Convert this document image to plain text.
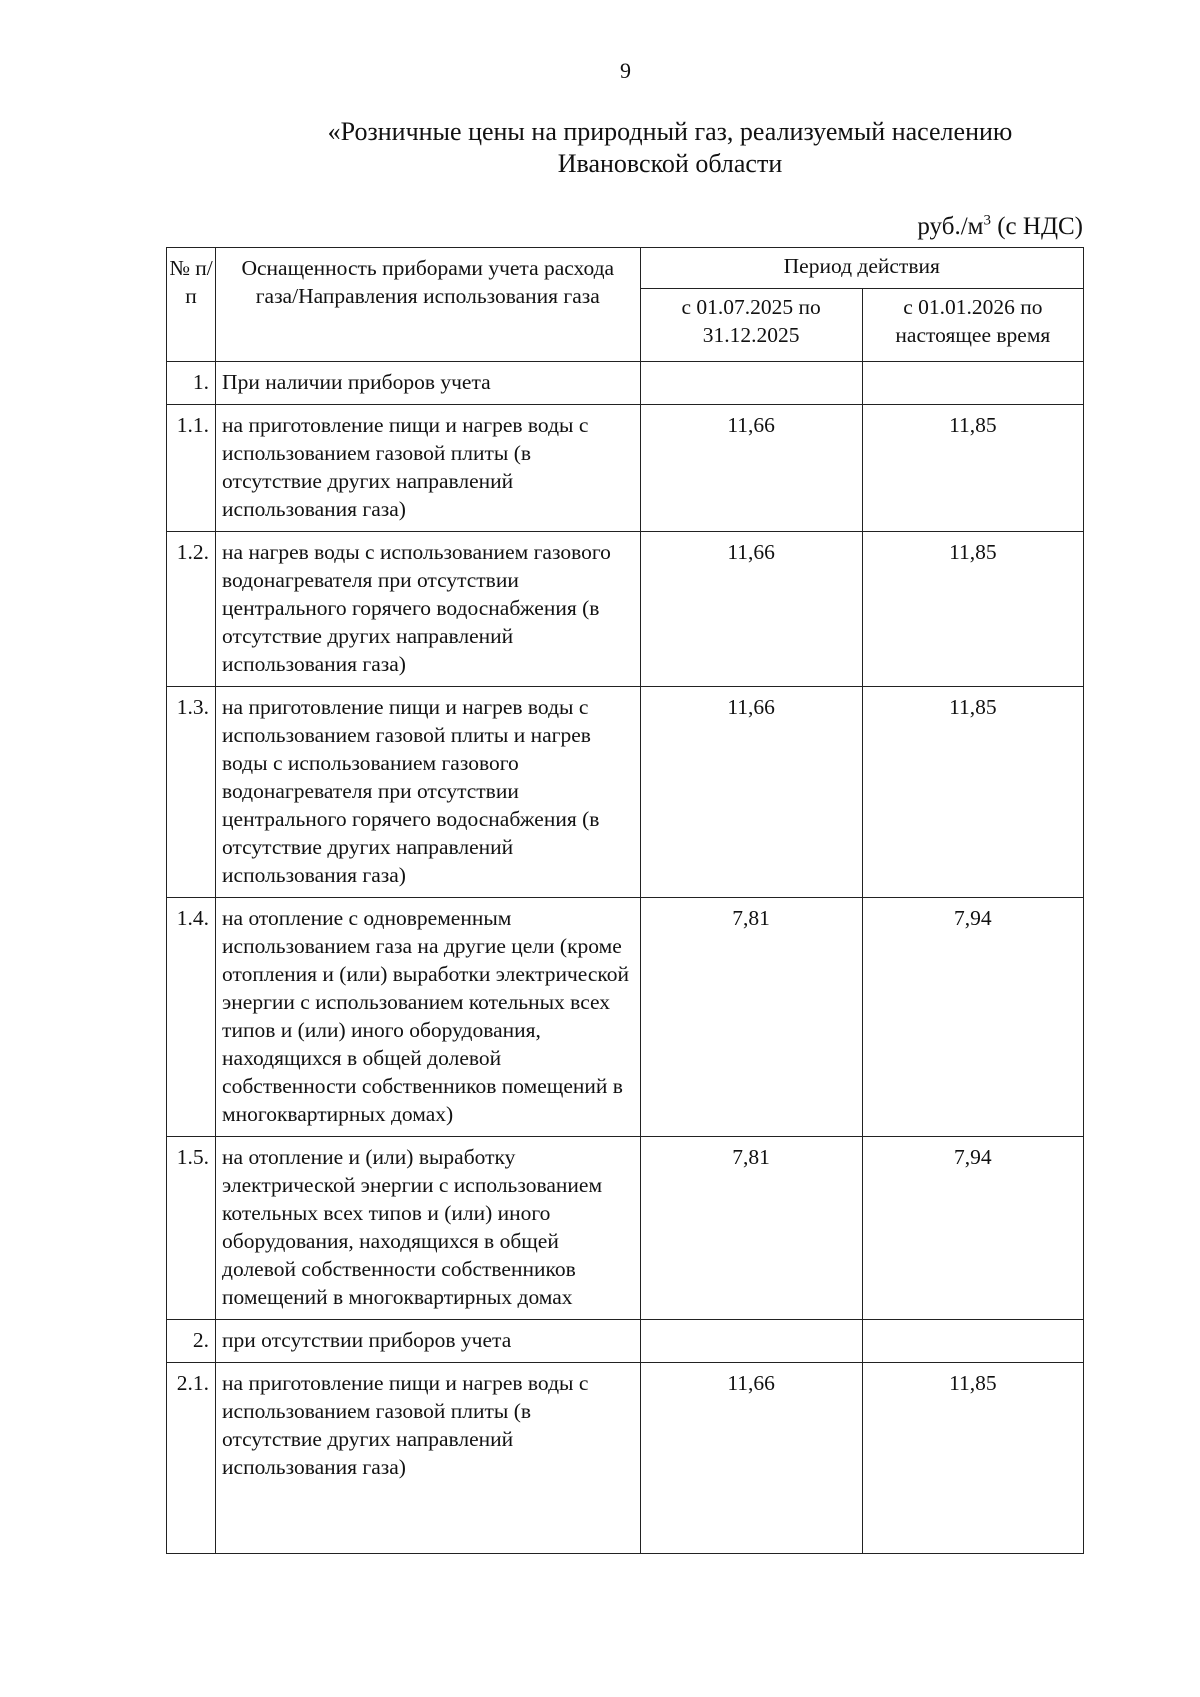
9
«Розничные цены на природный газ, реализуемый населению
Ивановской области
$руб./м^3$ (с НДС)
№ п/п	Оснащенность приборами учета расхода газа/Направления использования газа	Период действия	
		с 01.07.2025 по 31.12.2025	с 01.01.2026 по настоящее время
1.	При наличии приборов учета		
1.1.	на приготовление пищи и нагрев воды с использованием газовой плиты (в отсутствие других направлений использования газа)	11,66	11,85
1.2.	на нагрев воды с использованием газового водонагревателя при отсутствии центрального горячего водоснабжения (в отсутствие других направлений использования газа)	11,66	11,85
1.3.	на приготовление пищи и нагрев воды с использованием газовой плиты и нагрев воды с использованием газового водонагревателя при отсутствии центрального горячего водоснабжения (в отсутствие других направлений использования газа)	11,66	11,85
1.4.	на отопление с одновременным использованием газа на другие цели (кроме отопления и (или) выработки электрической энергии с использованием котельных всех типов и (или) иного оборудования, находящихся в общей долевой собственности собственников помещений в многоквартирных домах)	7,81	7,94
1.5.	на отопление и (или) выработку электрической энергии с использованием котельных всех типов и (или) иного оборудования, находящихся в общей долевой собственности собственников помещений в многоквартирных домах	7,81	7,94
2.	при отсутствии приборов учета		
2.1.	на приготовление пищи и нагрев воды с использованием газовой плиты (в отсутствие других направлений использования газа)	11,66	11,85
